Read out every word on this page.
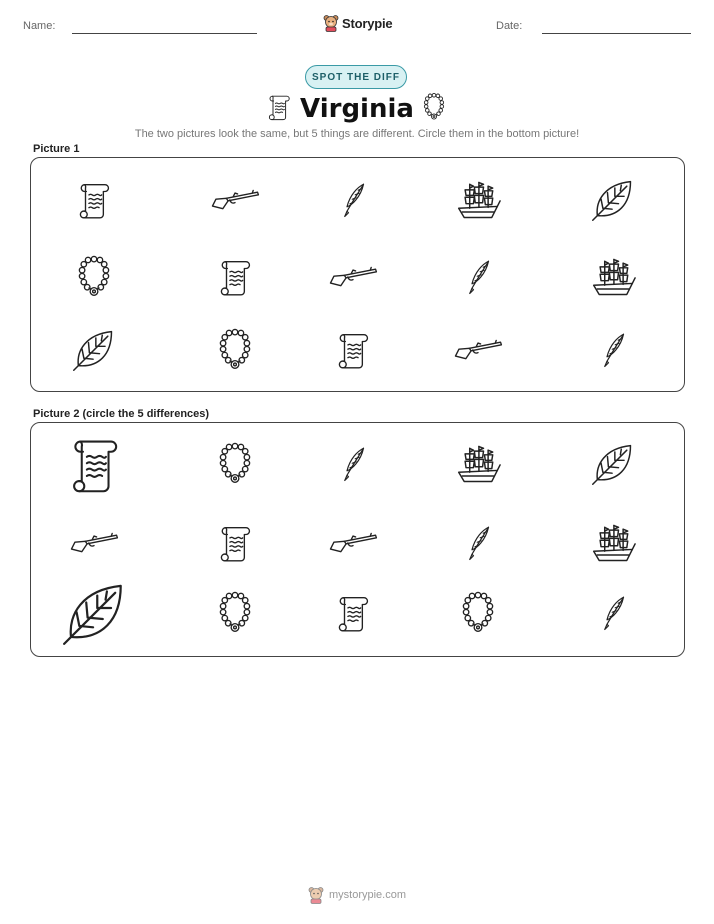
Name:	Storypie	Date:
SPOT THE DIFF
Virginia
The two pictures look the same, but 5 things are different. Circle them in the bottom picture!
Picture 1
Picture 2 (circle the 5 differences)
mystorypie.com
